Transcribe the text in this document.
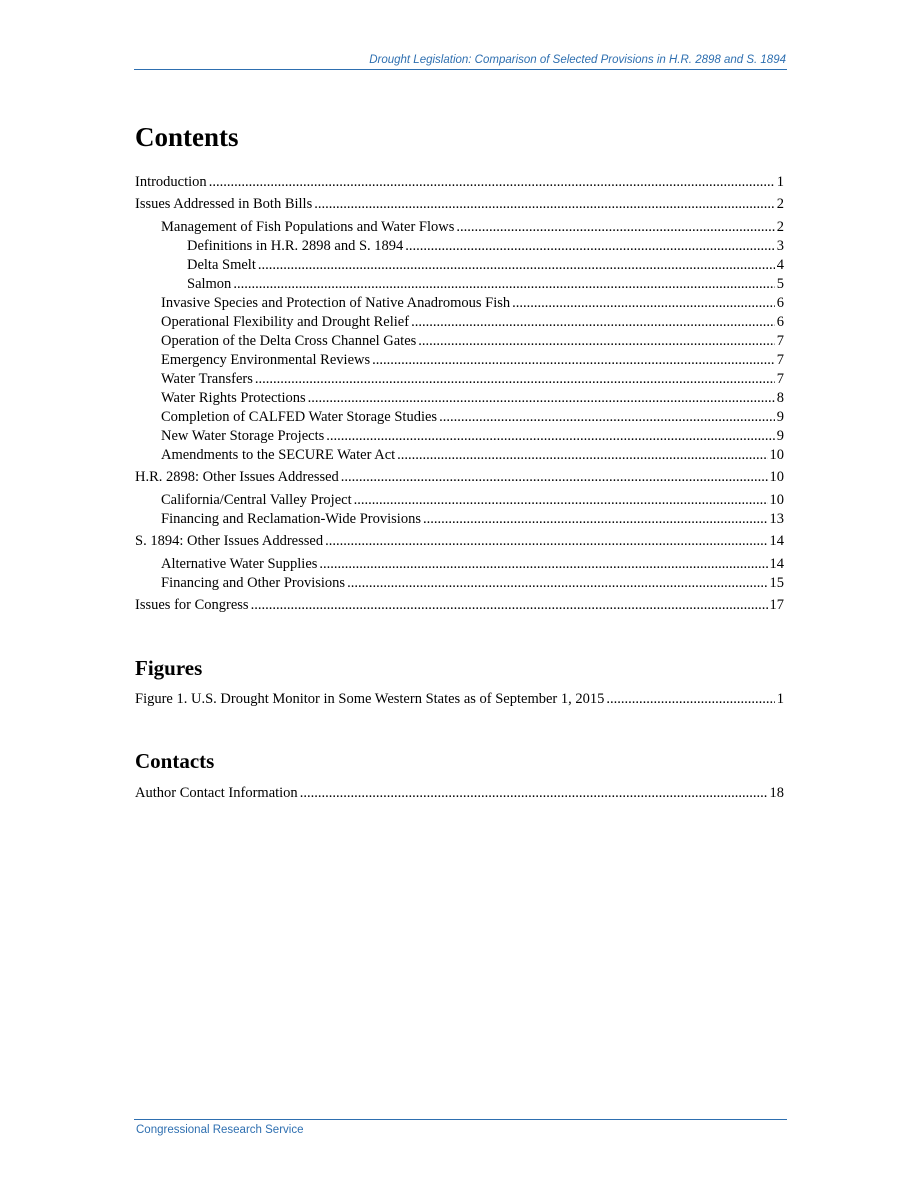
Drought Legislation: Comparison of Selected Provisions in H.R. 2898 and S. 1894
Contents
Introduction .....	1
Issues Addressed in Both Bills .....	2
Management of Fish Populations and Water Flows .....	2
Definitions in H.R. 2898 and S. 1894 .....	3
Delta Smelt .....	4
Salmon .....	5
Invasive Species and Protection of Native Anadromous Fish .....	6
Operational Flexibility and Drought Relief .....	6
Operation of the Delta Cross Channel Gates .....	7
Emergency Environmental Reviews .....	7
Water Transfers .....	7
Water Rights Protections .....	8
Completion of CALFED Water Storage Studies .....	9
New Water Storage Projects .....	9
Amendments to the SECURE Water Act .....	10
H.R. 2898: Other Issues Addressed .....	10
California/Central Valley Project .....	10
Financing and Reclamation-Wide Provisions .....	13
S. 1894: Other Issues Addressed .....	14
Alternative Water Supplies .....	14
Financing and Other Provisions .....	15
Issues for Congress .....	17
Figures
Figure 1. U.S. Drought Monitor in Some Western States as of September 1, 2015 .....	1
Contacts
Author Contact Information .....	18
Congressional Research Service
